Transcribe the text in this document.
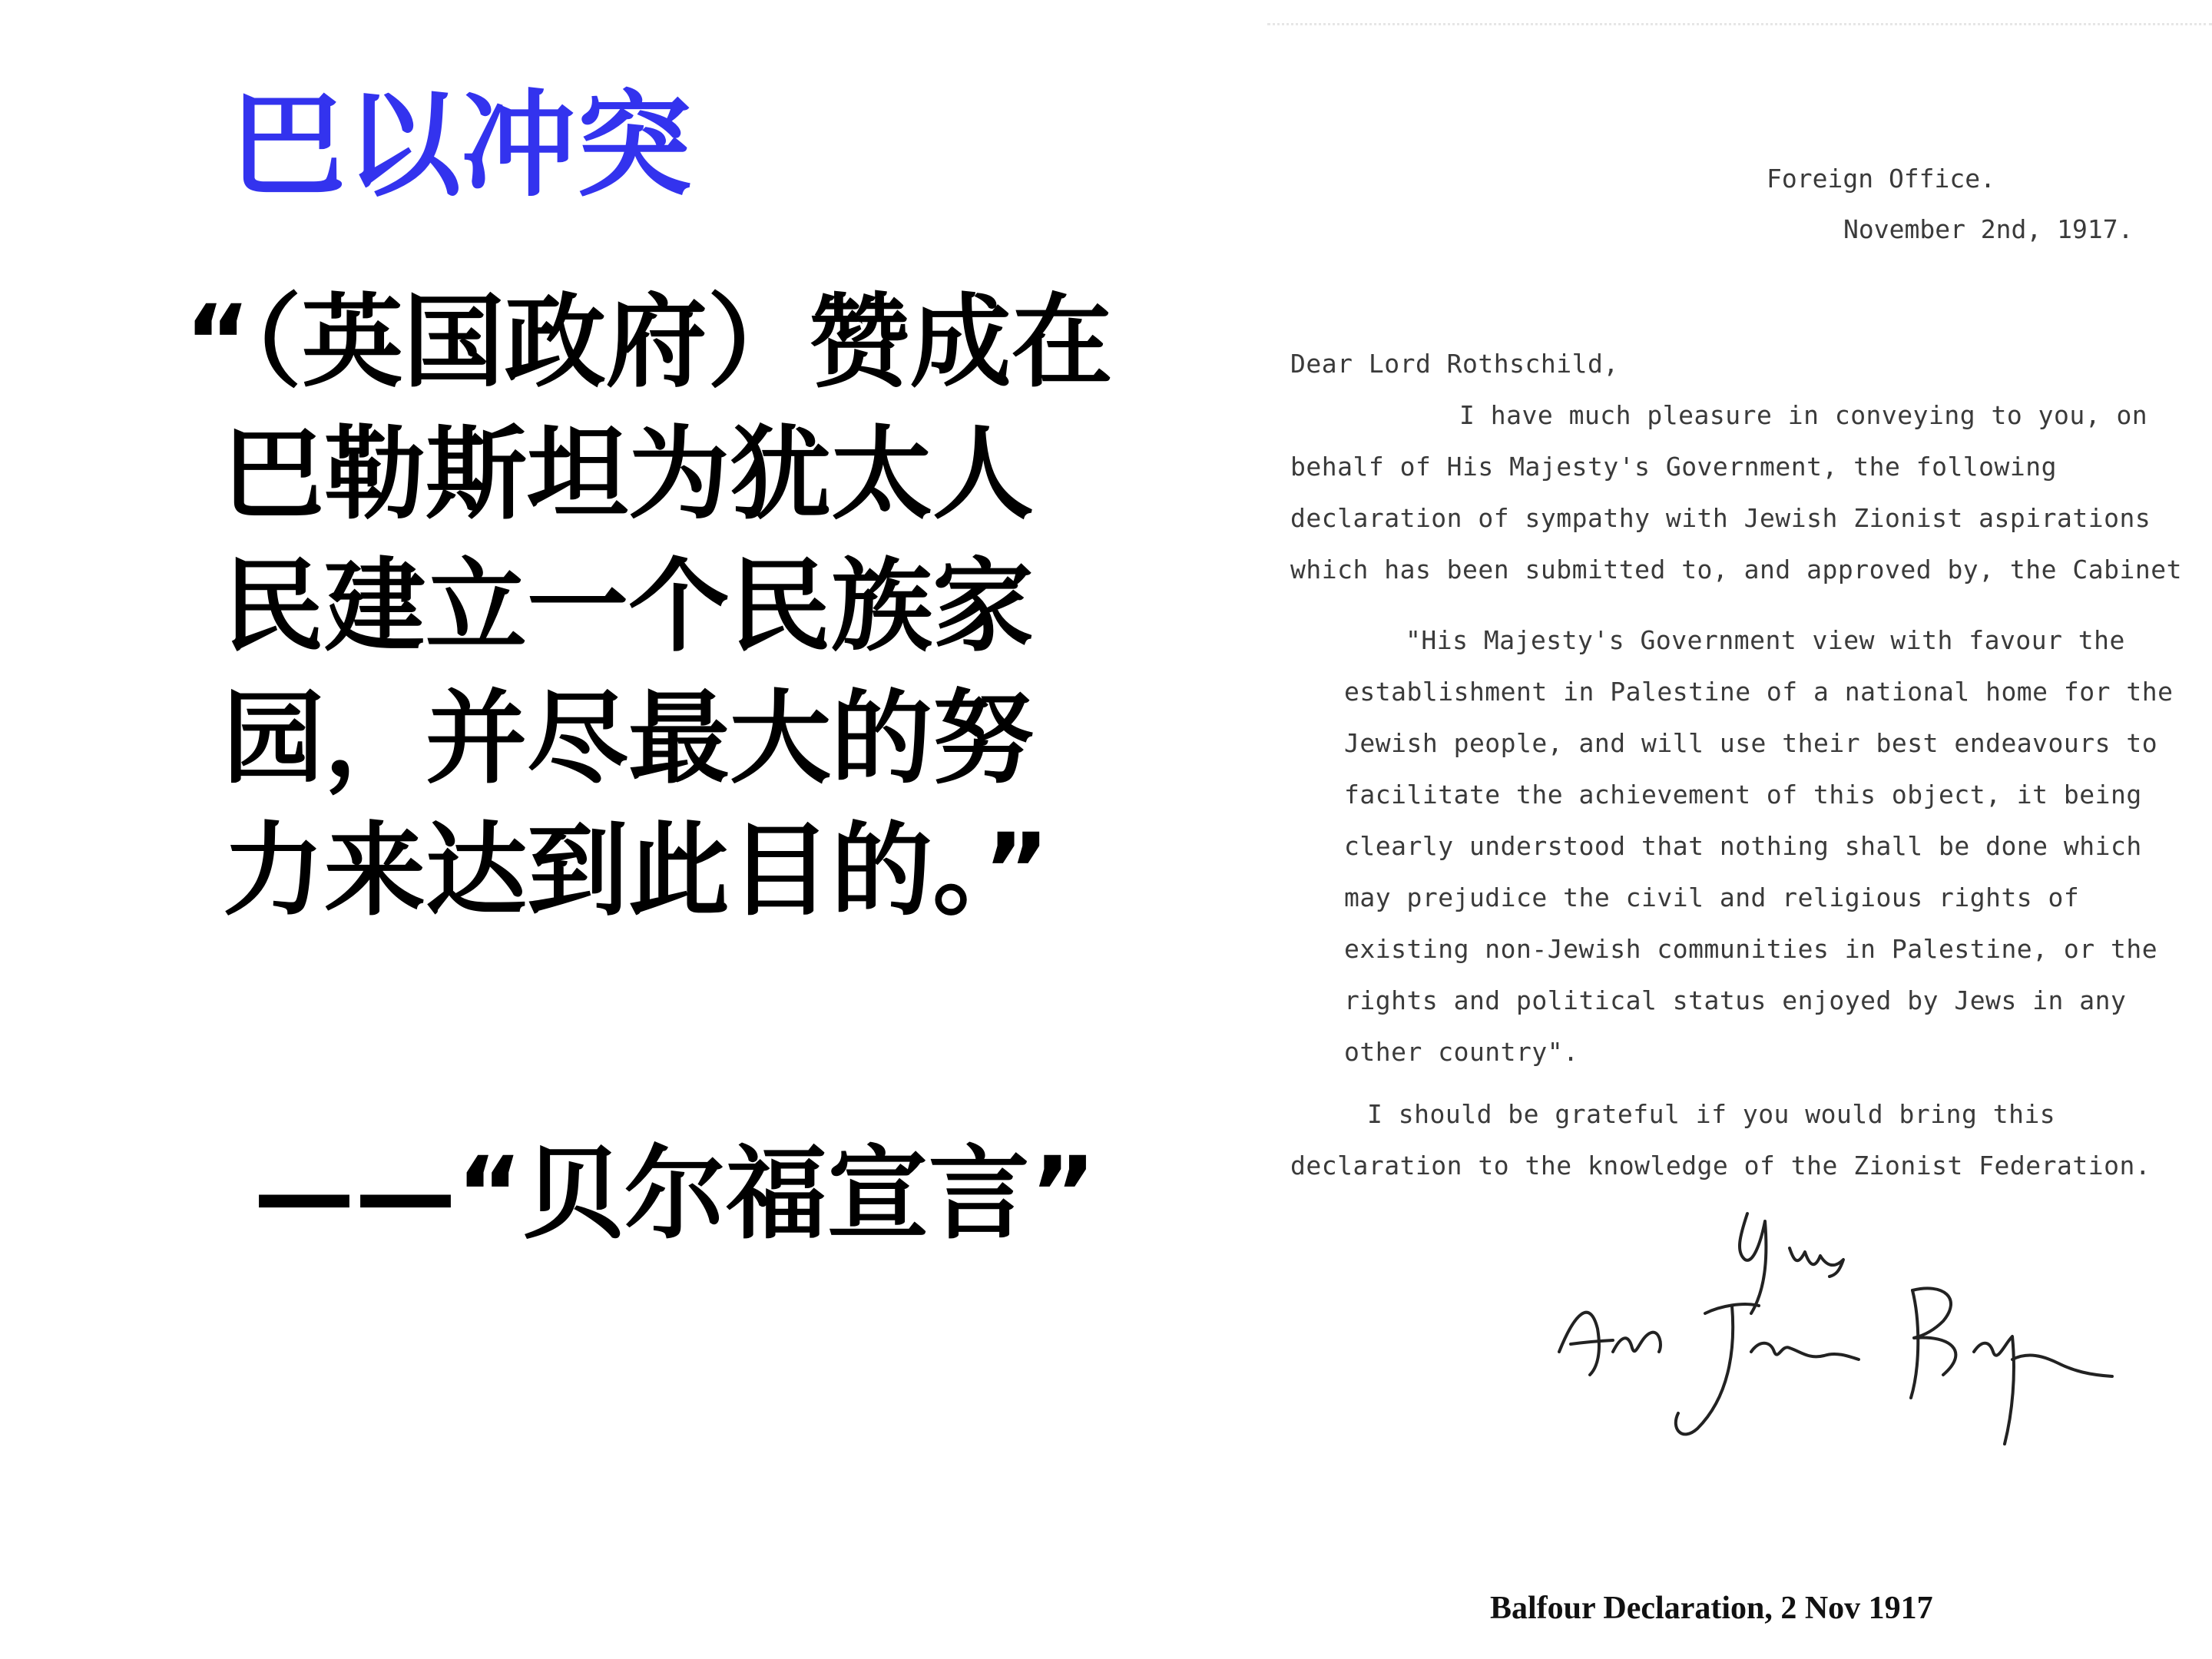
巴以冲突
“（英国政府）赞成在
巴勒斯坦为犹太人
民建立一个民族家
园，并尽最大的努
力来达到此目的。”
——“贝尔福宣言”
Foreign Office.
November 2nd, 1917.
Dear Lord Rothschild,
I have much pleasure in conveying to you, on
behalf of His Majesty's Government, the following
declaration of sympathy with Jewish Zionist aspirations
which has been submitted to, and approved by, the Cabinet
"His Majesty's Government view with favour the
establishment in Palestine of a national home for the
Jewish people, and will use their best endeavours to
facilitate the achievement of this object, it being
clearly understood that nothing shall be done which
may prejudice the civil and religious rights of
existing non-Jewish communities in Palestine, or the
rights and political status enjoyed by Jews in any
other country".
I should be grateful if you would bring this
declaration to the knowledge of the Zionist Federation.
Balfour Declaration, 2 Nov 1917
